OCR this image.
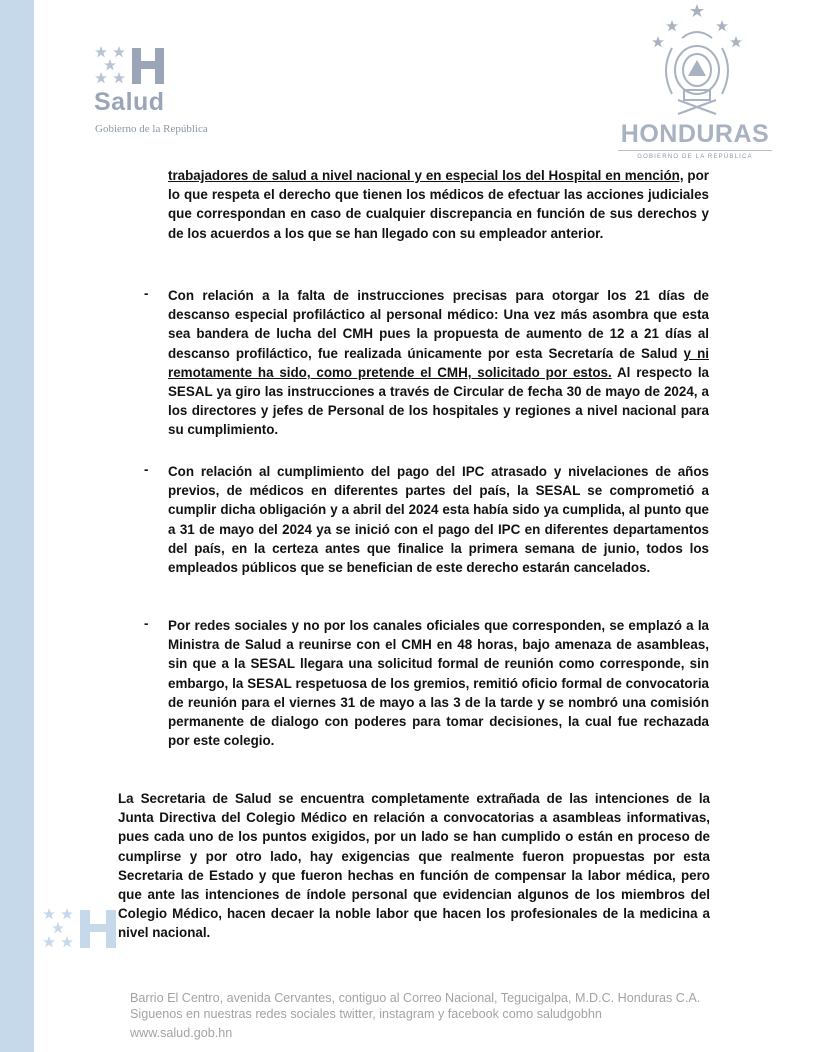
Salud
Gobierno de la República	HONDURAS
GOBIERNO DE LA REPÚBLICA

trabajadores de salud a nivel nacional y en especial los del Hospital en mención, por lo que respeta el derecho que tienen los médicos de efectuar las acciones judiciales que correspondan en caso de cualquier discrepancia en función de sus derechos y de los acuerdos a los que se han llegado con su empleador anterior.

- Con relación a la falta de instrucciones precisas para otorgar los 21 días de descanso especial profiláctico al personal médico: Una vez más asombra que esta sea bandera de lucha del CMH pues la propuesta de aumento de 12 a 21 días al descanso profiláctico, fue realizada únicamente por esta Secretaría de Salud y ni remotamente ha sido, como pretende el CMH, solicitado por estos. Al respecto la SESAL ya giro las instrucciones a través de Circular de fecha 30 de mayo de 2024, a los directores y jefes de Personal de los hospitales y regiones a nivel nacional para su cumplimiento.

- Con relación al cumplimiento del pago del IPC atrasado y nivelaciones de años previos, de médicos en diferentes partes del país, la SESAL se comprometió a cumplir dicha obligación y a abril del 2024 esta había sido ya cumplida, al punto que a 31 de mayo del 2024 ya se inició con el pago del IPC en diferentes departamentos del país, en la certeza antes que finalice la primera semana de junio, todos los empleados públicos que se benefician de este derecho estarán cancelados.

- Por redes sociales y no por los canales oficiales que corresponden, se emplazó a la Ministra de Salud a reunirse con el CMH en 48 horas, bajo amenaza de asambleas, sin que a la SESAL llegara una solicitud formal de reunión como corresponde, sin embargo, la SESAL respetuosa de los gremios, remitió oficio formal de convocatoria de reunión para el viernes 31 de mayo a las 3 de la tarde y se nombró una comisión permanente de dialogo con poderes para tomar decisiones, la cual fue rechazada por este colegio.

La Secretaria de Salud se encuentra completamente extrañada de las intenciones de la Junta Directiva del Colegio Médico en relación a convocatorias a asambleas informativas, pues cada uno de los puntos exigidos, por un lado se han cumplido o están en proceso de cumplirse y por otro lado, hay exigencias que realmente fueron propuestas por esta Secretaria de Estado y que fueron hechas en función de compensar la labor médica, pero que ante las intenciones de índole personal que evidencian algunos de los miembros del Colegio Médico, hacen decaer la noble labor que hacen los profesionales de la medicina a nivel nacional.

Barrio El Centro, avenida Cervantes, contiguo al Correo Nacional, Tegucigalpa, M.D.C. Honduras C.A.

Siguenos en nuestras redes sociales twitter, instagram y facebook como saludgobhn

www.salud.gob.hn
